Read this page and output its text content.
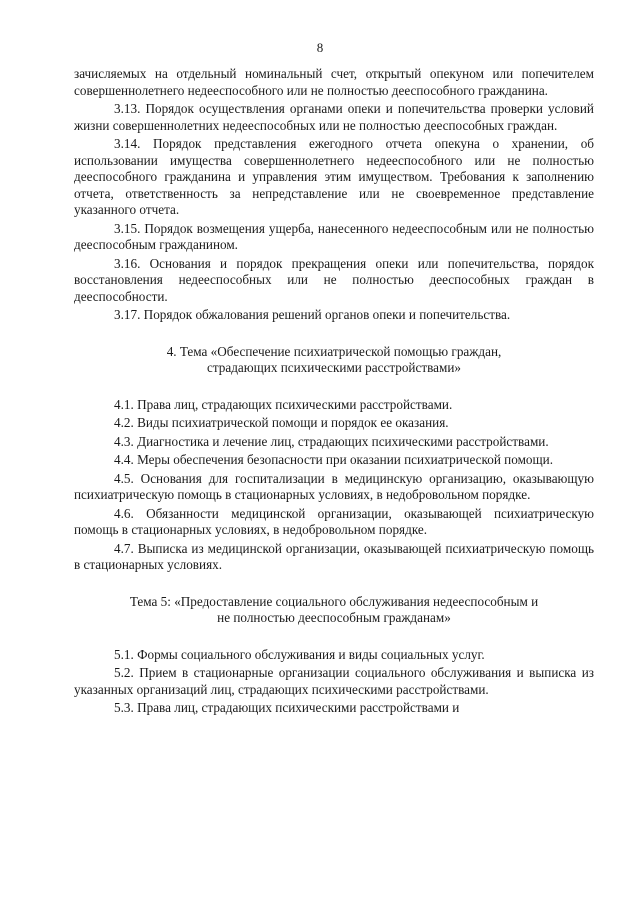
8

зачисляемых на отдельный номинальный счет, открытый опекуном или попечителем совершеннолетнего недееспособного или не полностью дееспособного гражданина.

3.13. Порядок осуществления органами опеки и попечительства проверки условий жизни совершеннолетних недееспособных или не полностью дееспособных граждан.

3.14. Порядок представления ежегодного отчета опекуна о хранении, об использовании имущества совершеннолетнего недееспособного или не полностью дееспособного гражданина и управления этим имуществом. Требования к заполнению отчета, ответственность за непредставление или не своевременное представление указанного отчета.

3.15. Порядок возмещения ущерба, нанесенного недееспособным или не полностью дееспособным гражданином.

3.16. Основания и порядок прекращения опеки или попечительства, порядок восстановления недееспособных или не полностью дееспособных граждан в дееспособности.

3.17. Порядок обжалования решений органов опеки и попечительства.

4. Тема «Обеспечение психиатрической помощью граждан,
страдающих психическими расстройствами»

4.1. Права лиц, страдающих психическими расстройствами.

4.2. Виды психиатрической помощи и порядок ее оказания.

4.3. Диагностика и лечение лиц, страдающих психическими расстройствами.

4.4. Меры обеспечения безопасности при оказании психиатрической помощи.

4.5. Основания для госпитализации в медицинскую организацию, оказывающую психиатрическую помощь в стационарных условиях, в недобровольном порядке.

4.6. Обязанности медицинской организации, оказывающей психиатрическую помощь в стационарных условиях, в недобровольном порядке.

4.7. Выписка из медицинской организации, оказывающей психиатрическую помощь в стационарных условиях.

Тема 5: «Предоставление социального обслуживания недееспособным и
не полностью дееспособным гражданам»

5.1. Формы социального обслуживания и виды социальных услуг.

5.2. Прием в стационарные организации социального обслуживания и выписка из указанных организаций лиц, страдающих психическими расстройствами.

5.3. Права лиц, страдающих психическими расстройствами и
